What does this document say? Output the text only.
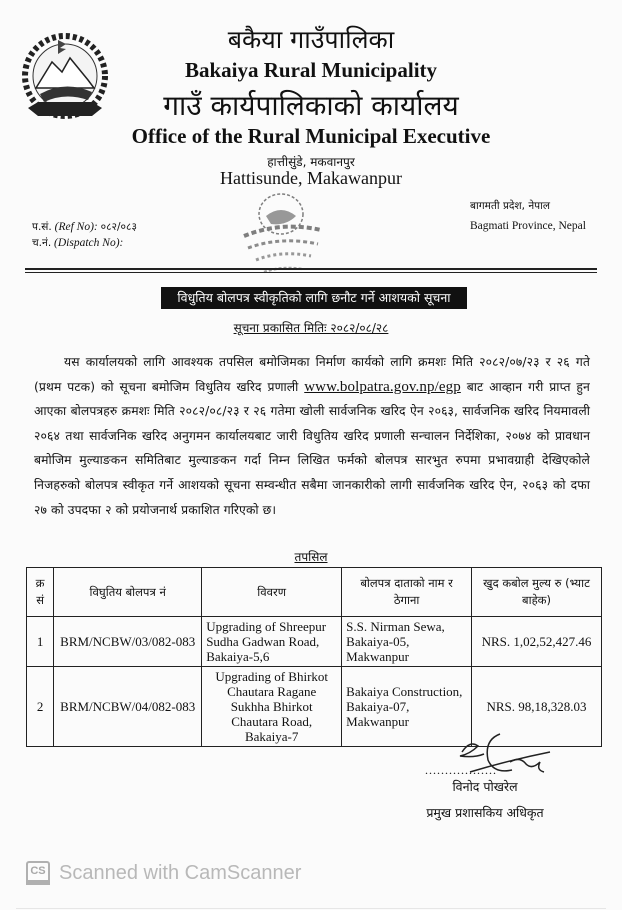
बकैया गाउँपालिका
Bakaiya Rural Municipality
गाउँ कार्यपालिकाको कार्यालय
Office of the Rural Municipal Executive
हात्तीसुंडे, मकवानपुर
Hattisunde, Makawanpur
बागमती प्रदेश, नेपाल
Bagmati Province, Nepal
प.सं. (Ref No): ०८२/०८३
च.नं. (Dispatch No):
विधुतिय बोलपत्र स्वीकृतिको लागि छनौट गर्ने आशयको सूचना
सूचना प्रकासित मितिः २०८२/०८/२८
यस कार्यालयको लागि आवश्यक तपसिल बमोजिमका निर्माण कार्यको लागि क्रमशः मिति २०८२/०७/२३ र २६ गते (प्रथम पटक) को सूचना बमोजिम विधुतिय खरिद प्रणाली www.bolpatra.gov.np/egp बाट आव्हान गरी प्राप्त हुन आएका बोलपत्रहरु क्रमशः मिति २०८२/०८/२३ र २६ गतेमा खोली सार्वजनिक खरिद ऐन २०६३, सार्वजनिक खरिद नियमावली २०६४ तथा सार्वजनिक खरिद अनुगमन कार्यालयबाट जारी विधुतिय खरिद प्रणाली सन्चालन निर्देशिका, २०७४ को प्रावधान बमोजिम मुल्याङकन समितिबाट मुल्याङकन गर्दा निम्न लिखित फर्मको बोलपत्र सारभुत रुपमा प्रभावग्राही देखिएकोले निजहरुको बोलपत्र स्वीकृत गर्ने आशयको सूचना सम्वन्धीत सबैमा जानकारीको लागी सार्वजनिक खरिद ऐन, २०६३ को दफा २७ को उपदफा २ को प्रयोजनार्थ प्रकाशित गरिएको छ।
तपसिल
क्र सं	विघुतिय बोलपत्र नं	विवरण	बोलपत्र दाताको नाम र ठेगाना	खुद कबोल मुल्य रु (भ्याट बाहेक)
1	BRM/NCBW/03/082-083	Upgrading of Shreepur Sudha Gadwan Road, Bakaiya-5,6	S.S. Nirman Sewa, Bakaiya-05, Makwanpur	NRS. 1,02,52,427.46
2	BRM/NCBW/04/082-083	Upgrading of Bhirkot Chautara Ragane Sukhha Bhirkot Chautara Road, Bakaiya-7	Bakaiya Construction, Bakaiya-07, Makwanpur	NRS. 98,18,328.03
..................
विनोद पोखरेल
प्रमुख प्रशासकिय अधिकृत
CS Scanned with CamScanner
